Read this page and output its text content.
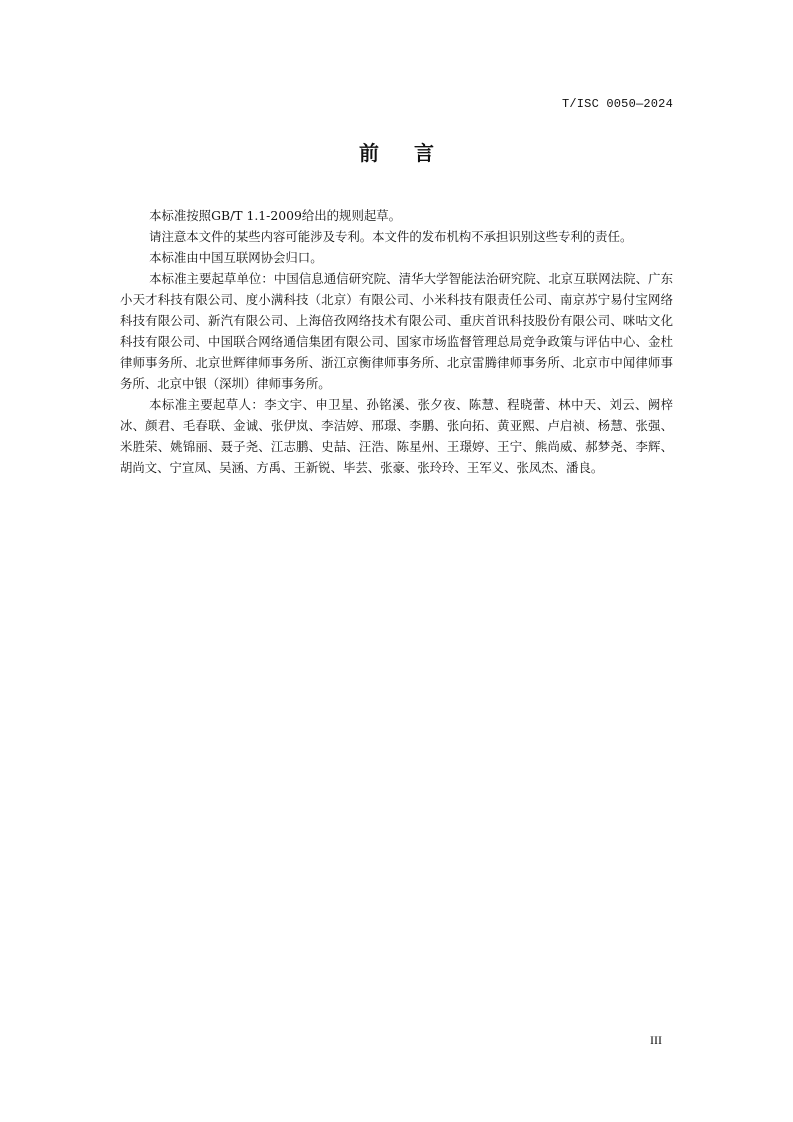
T/ISC 0050—2024
前 言

本标准按照GB/T 1.1-2009给出的规则起草。

请注意本文件的某些内容可能涉及专利。本文件的发布机构不承担识别这些专利的责任。

本标准由中国互联网协会归口。

本标准主要起草单位：中国信息通信研究院、清华大学智能法治研究院、北京互联网法院、广东小天才科技有限公司、度小满科技（北京）有限公司、小米科技有限责任公司、南京苏宁易付宝网络科技有限公司、新汽有限公司、上海倍孜网络技术有限公司、重庆首讯科技股份有限公司、咪咕文化科技有限公司、中国联合网络通信集团有限公司、国家市场监督管理总局竞争政策与评估中心、金杜律师事务所、北京世辉律师事务所、浙江京衡律师事务所、北京雷腾律师事务所、北京市中闻律师事务所、北京中银（深圳）律师事务所。

本标准主要起草人：李文宇、申卫星、孙铭溪、张夕夜、陈慧、程晓蕾、林中天、刘云、阙梓冰、颜君、毛春联、金诚、张伊岚、李洁婷、邢璟、李鹏、张向拓、黄亚熙、卢启祯、杨慧、张强、米胜荣、姚锦丽、聂子尧、江志鹏、史喆、汪浩、陈星州、王璟婷、王宁、熊尚威、郝梦尧、李辉、胡尚文、宁宣凤、吴涵、方禹、王新锐、毕芸、张豪、张玲玲、王军义、张凤杰、潘良。

III
